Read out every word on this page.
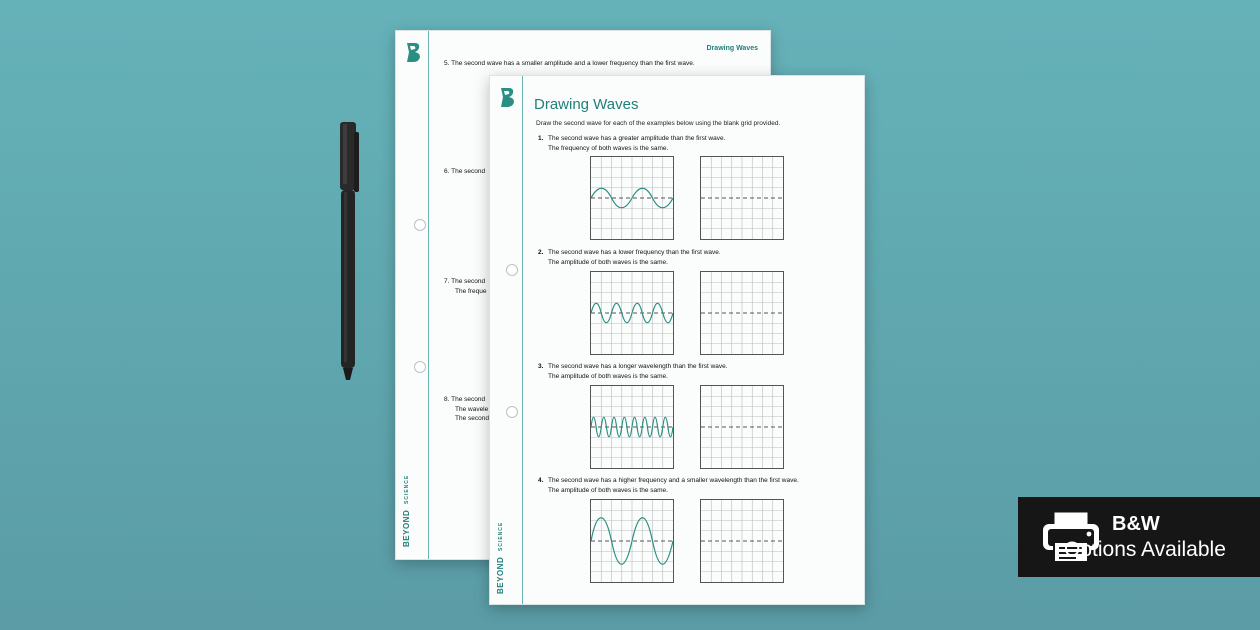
Drawing Waves
5. The second wave has a smaller amplitude and a lower frequency than the first wave.
6. The second
7. The second
The freque
8. The second
The wavele
The second
BEYOND SCIENCE
Drawing Waves
Draw the second wave for each of the examples below using the blank grid provided.
1. The second wave has a greater amplitude than the first wave.
The frequency of both waves is the same.
2. The second wave has a lower frequency than the first wave.
The amplitude of both waves is the same.
3. The second wave has a longer wavelength than the first wave.
The amplitude of both waves is the same.
4. The second wave has a higher frequency and a smaller wavelength than the first wave.
The amplitude of both waves is the same.
BEYOND SCIENCE	B&W
Options Available
